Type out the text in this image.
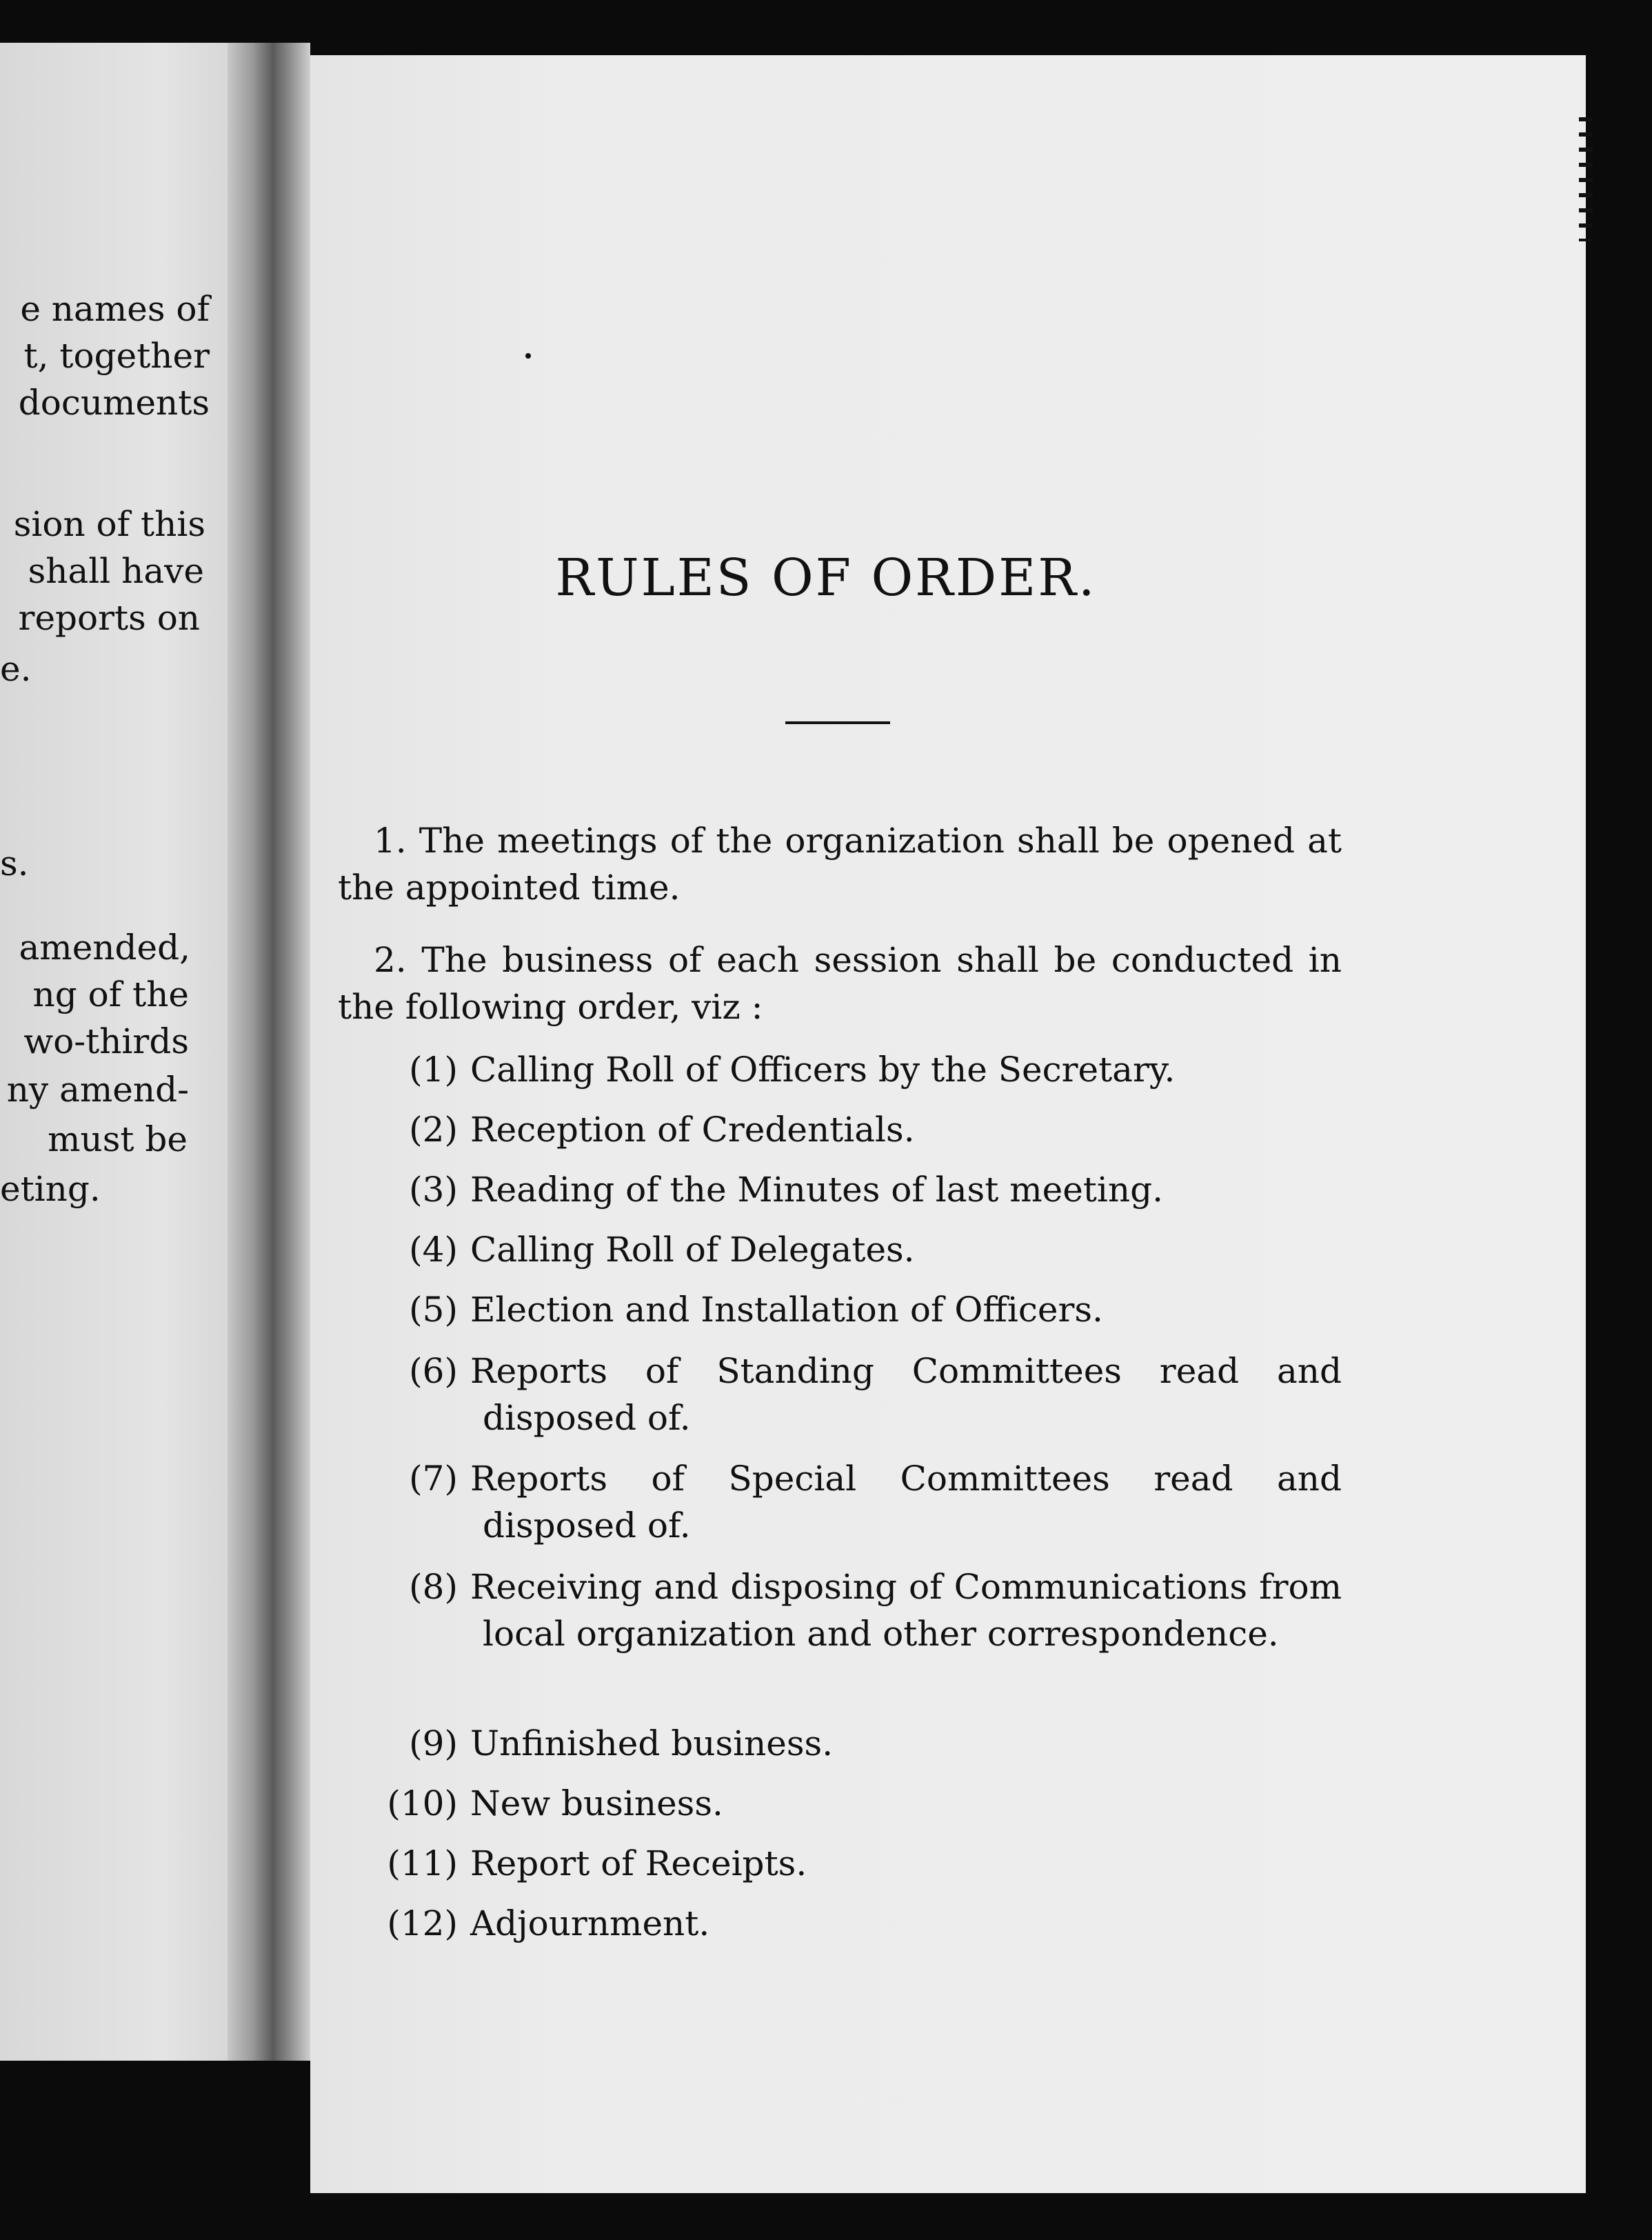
e names of

t, together

documents

sion of this

shall have

reports on

e.

s.

amended,

ng of the

wo-thirds

ny amend-

must be

eting.

RULES OF ORDER.

1. The meetings of the organization shall be opened at the appointed time.

2. The business of each session shall be conducted in the following order, viz :

(1) Calling Roll of Officers by the Secretary.
(2) Reception of Credentials.
(3) Reading of the Minutes of last meeting.
(4) Calling Roll of Delegates.
(5) Election and Installation of Officers.
(6) Reports of Standing Committees read and disposed of.
(7) Reports of Special Committees read and disposed of.
(8) Receiving and disposing of Communications from local organization and other correspondence.
(9) Unfinished business.
(10) New business.
(11) Report of Receipts.
(12) Adjournment.
